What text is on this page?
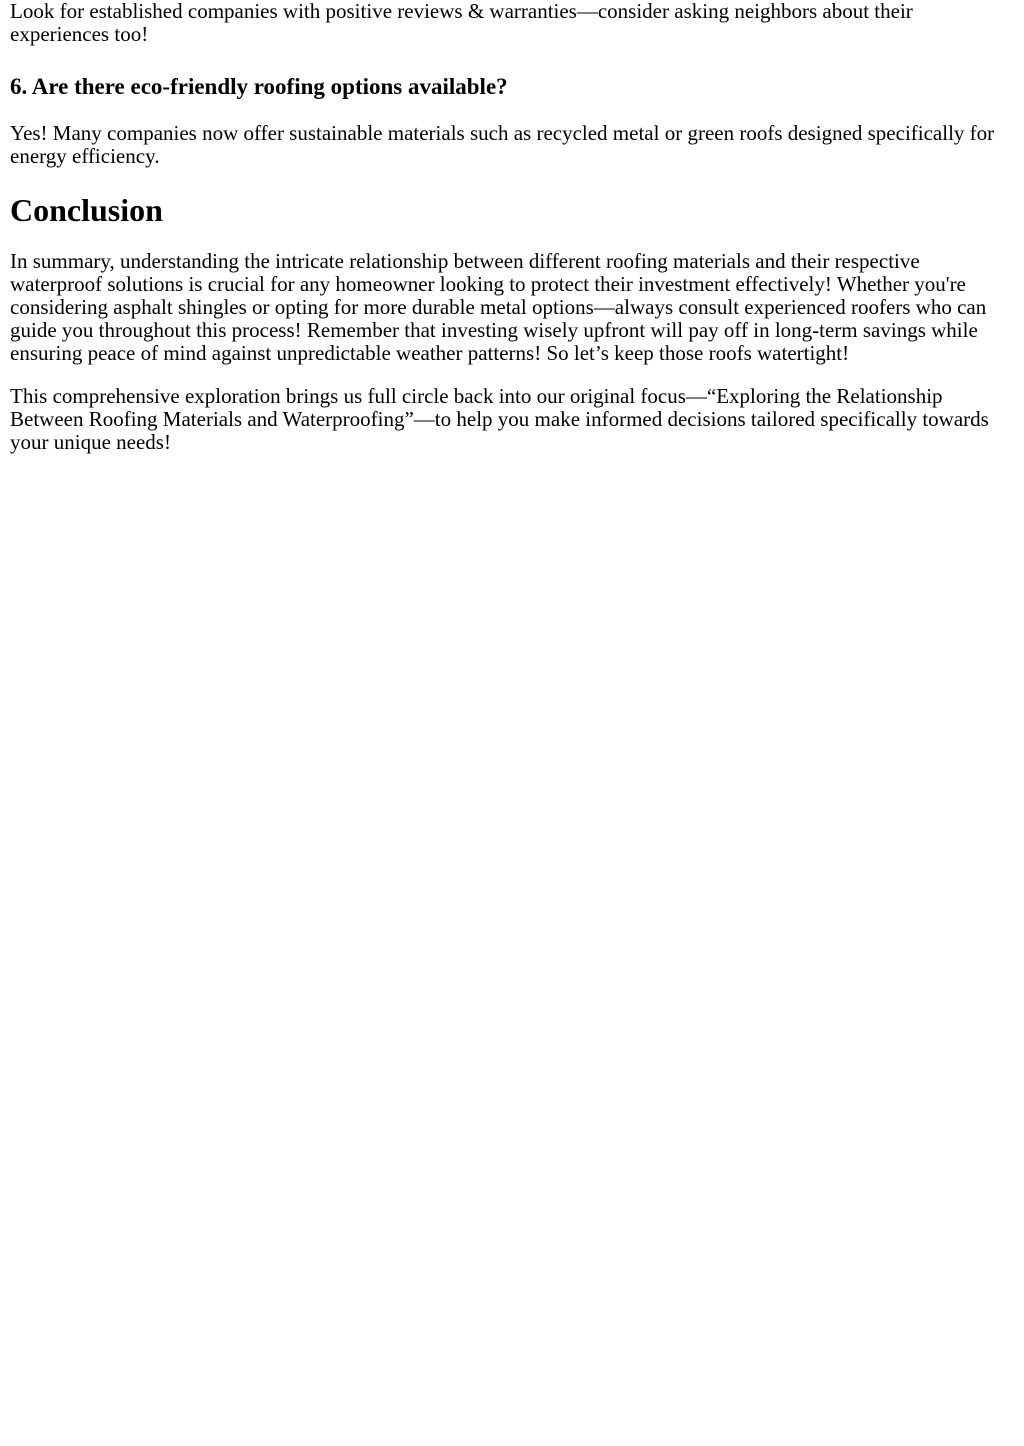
Look for established companies with positive reviews & warranties—consider asking neighbors about their experiences too!

6. Are there eco-friendly roofing options available?

Yes! Many companies now offer sustainable materials such as recycled metal or green roofs designed specifically for energy efficiency.

Conclusion

In summary, understanding the intricate relationship between different roofing materials and their respective waterproof solutions is crucial for any homeowner looking to protect their investment effectively! Whether you're considering asphalt shingles or opting for more durable metal options—always consult experienced roofers who can guide you throughout this process! Remember that investing wisely upfront will pay off in long-term savings while ensuring peace of mind against unpredictable weather patterns! So let’s keep those roofs watertight!

This comprehensive exploration brings us full circle back into our original focus—“Exploring the Relationship Between Roofing Materials and Waterproofing”—to help you make informed decisions tailored specifically towards your unique needs!
